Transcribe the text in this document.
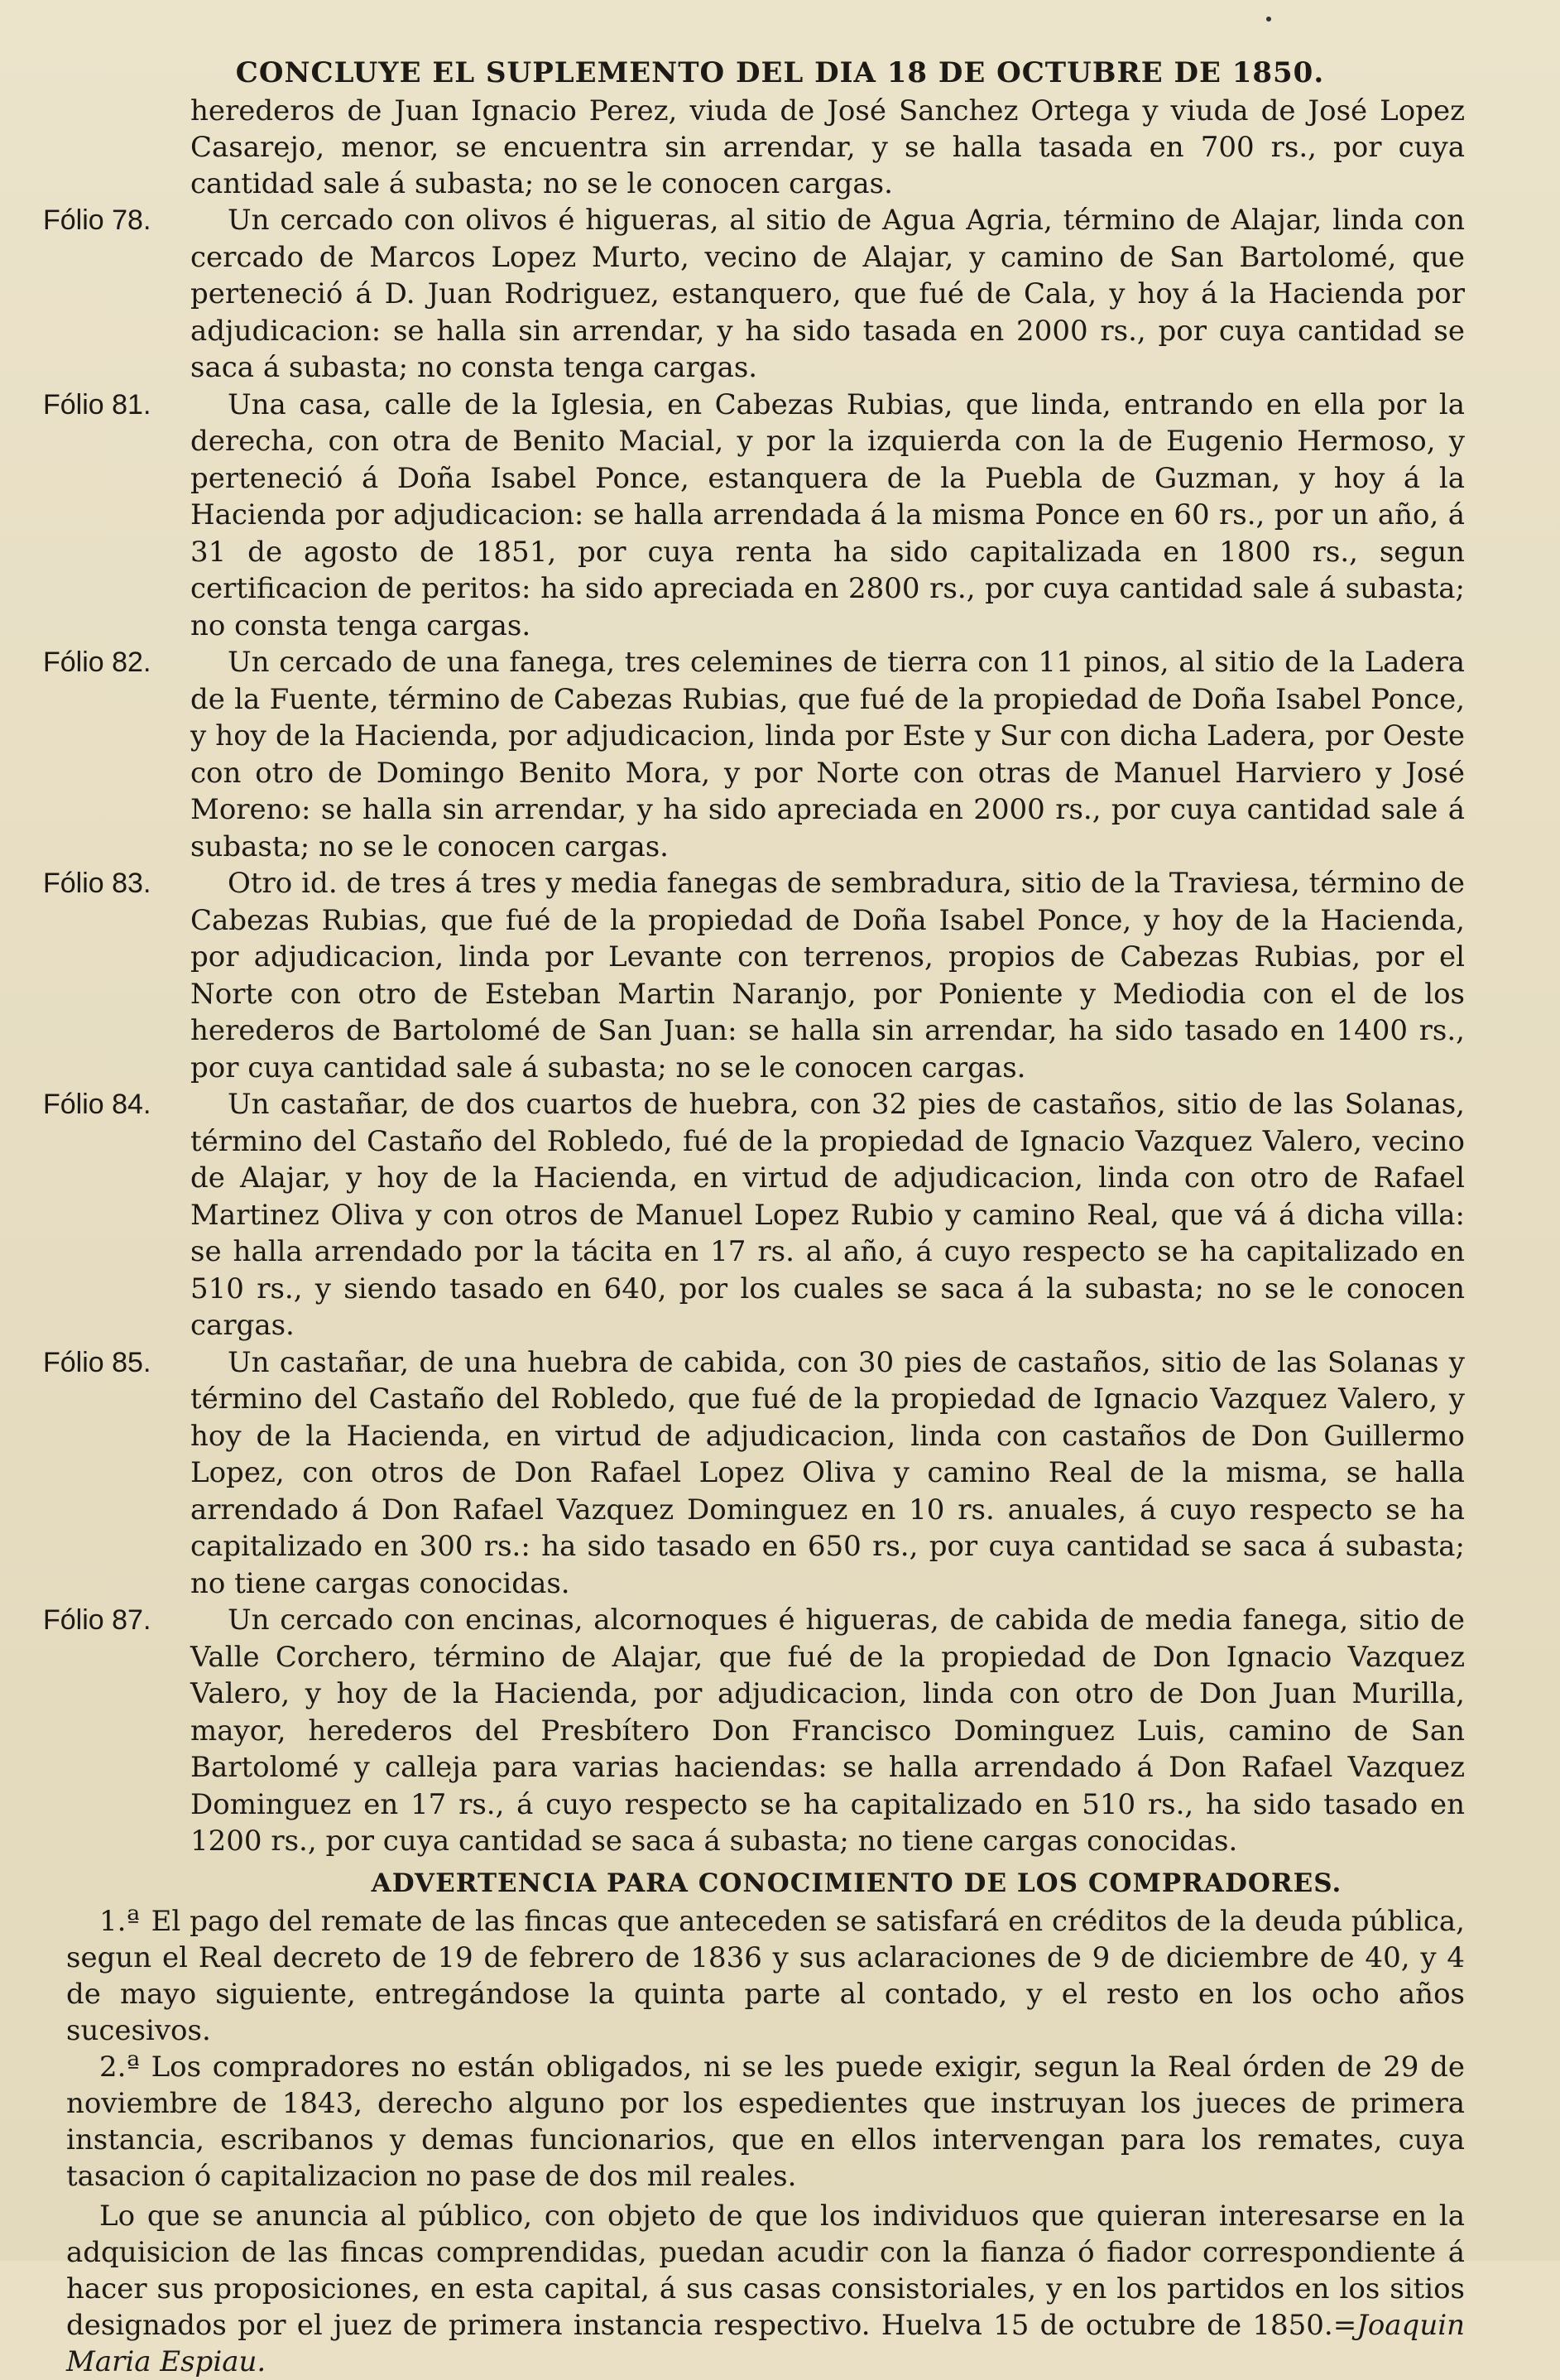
CONCLUYE EL SUPLEMENTO DEL DIA 18 DE OCTUBRE DE 1850.
herederos de Juan Ignacio Perez, viuda de José Sanchez Ortega y viuda de José Lopez Casarejo, menor, se encuentra sin arrendar, y se halla tasada en 700 rs., por cuya cantidad sale á subasta; no se le conocen cargas.
Fólio 78.	Un cercado con olivos é higueras, al sitio de Agua Agria, término de Alajar, linda con cercado de Marcos Lopez Murto, vecino de Alajar, y camino de San Bartolomé, que perteneció á D. Juan Rodriguez, estanquero, que fué de Cala, y hoy á la Hacienda por adjudicacion: se halla sin arrendar, y ha sido tasada en 2000 rs., por cuya cantidad se saca á subasta; no consta tenga cargas.
Fólio 81.	Una casa, calle de la Iglesia, en Cabezas Rubias, que linda, entrando en ella por la derecha, con otra de Benito Macial, y por la izquierda con la de Eugenio Hermoso, y perteneció á Doña Isabel Ponce, estanquera de la Puebla de Guzman, y hoy á la Hacienda por adjudicacion: se halla arrendada á la misma Ponce en 60 rs., por un año, á 31 de agosto de 1851, por cuya renta ha sido capitalizada en 1800 rs., segun certificacion de peritos: ha sido apreciada en 2800 rs., por cuya cantidad sale á subasta; no consta tenga cargas.
Fólio 82.	Un cercado de una fanega, tres celemines de tierra con 11 pinos, al sitio de la Ladera de la Fuente, término de Cabezas Rubias, que fué de la propiedad de Doña Isabel Ponce, y hoy de la Hacienda, por adjudicacion, linda por Este y Sur con dicha Ladera, por Oeste con otro de Domingo Benito Mora, y por Norte con otras de Manuel Harviero y José Moreno: se halla sin arrendar, y ha sido apreciada en 2000 rs., por cuya cantidad sale á subasta; no se le conocen cargas.
Fólio 83.	Otro id. de tres á tres y media fanegas de sembradura, sitio de la Traviesa, término de Cabezas Rubias, que fué de la propiedad de Doña Isabel Ponce, y hoy de la Hacienda, por adjudicacion, linda por Levante con terrenos, propios de Cabezas Rubias, por el Norte con otro de Esteban Martin Naranjo, por Poniente y Mediodia con el de los herederos de Bartolomé de San Juan: se halla sin arrendar, ha sido tasado en 1400 rs., por cuya cantidad sale á subasta; no se le conocen cargas.
Fólio 84.	Un castañar, de dos cuartos de huebra, con 32 pies de castaños, sitio de las Solanas, término del Castaño del Robledo, fué de la propiedad de Ignacio Vazquez Valero, vecino de Alajar, y hoy de la Hacienda, en virtud de adjudicacion, linda con otro de Rafael Martinez Oliva y con otros de Manuel Lopez Rubio y camino Real, que vá á dicha villa: se halla arrendado por la tácita en 17 rs. al año, á cuyo respecto se ha capitalizado en 510 rs., y siendo tasado en 640, por los cuales se saca á la subasta; no se le conocen cargas.
Fólio 85.	Un castañar, de una huebra de cabida, con 30 pies de castaños, sitio de las Solanas y término del Castaño del Robledo, que fué de la propiedad de Ignacio Vazquez Valero, y hoy de la Hacienda, en virtud de adjudicacion, linda con castaños de Don Guillermo Lopez, con otros de Don Rafael Lopez Oliva y camino Real de la misma, se halla arrendado á Don Rafael Vazquez Dominguez en 10 rs. anuales, á cuyo respecto se ha capitalizado en 300 rs.: ha sido tasado en 650 rs., por cuya cantidad se saca á subasta; no tiene cargas conocidas.
Fólio 87.	Un cercado con encinas, alcornoques é higueras, de cabida de media fanega, sitio de Valle Corchero, término de Alajar, que fué de la propiedad de Don Ignacio Vazquez Valero, y hoy de la Hacienda, por adjudicacion, linda con otro de Don Juan Murilla, mayor, herederos del Presbítero Don Francisco Dominguez Luis, camino de San Bartolomé y calleja para varias haciendas: se halla arrendado á Don Rafael Vazquez Dominguez en 17 rs., á cuyo respecto se ha capitalizado en 510 rs., ha sido tasado en 1200 rs., por cuya cantidad se saca á subasta; no tiene cargas conocidas.
ADVERTENCIA PARA CONOCIMIENTO DE LOS COMPRADORES.
1.ª El pago del remate de las fincas que anteceden se satisfará en créditos de la deuda pública, segun el Real decreto de 19 de febrero de 1836 y sus aclaraciones de 9 de diciembre de 40, y 4 de mayo siguiente, entregándose la quinta parte al contado, y el resto en los ocho años sucesivos.
2.ª Los compradores no están obligados, ni se les puede exigir, segun la Real órden de 29 de noviembre de 1843, derecho alguno por los espedientes que instruyan los jueces de primera instancia, escribanos y demas funcionarios, que en ellos intervengan para los remates, cuya tasacion ó capitalizacion no pase de dos mil reales.
Lo que se anuncia al público, con objeto de que los individuos que quieran interesarse en la adquisicion de las fincas comprendidas, puedan acudir con la fianza ó fiador correspondiente á hacer sus proposiciones, en esta capital, á sus casas consistoriales, y en los partidos en los sitios designados por el juez de primera instancia respectivo. Huelva 15 de octubre de 1850.=Joaquin Maria Espiau.
